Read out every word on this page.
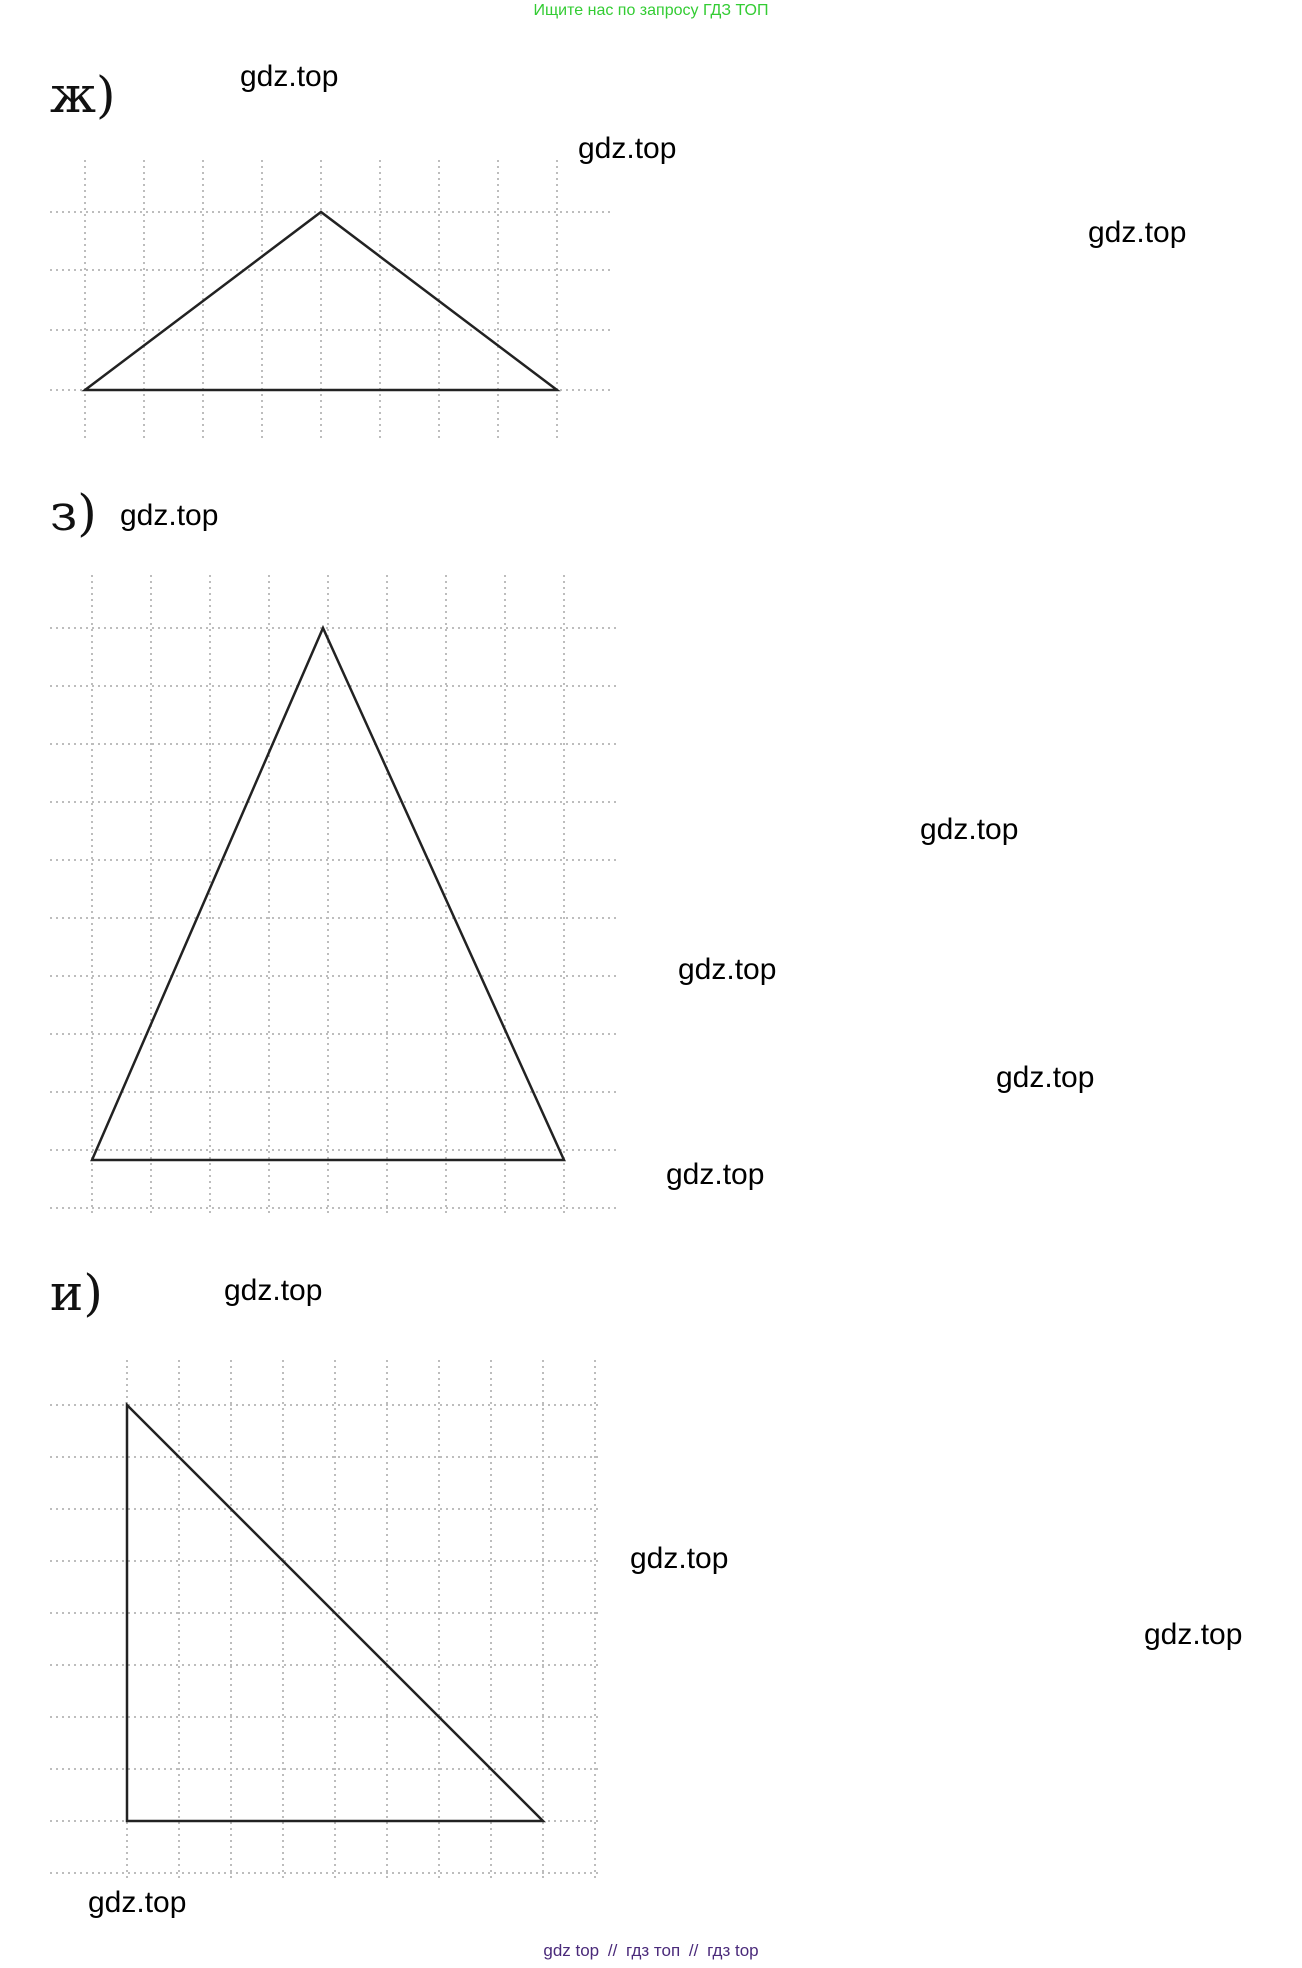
Ищите нас по запросу ГДЗ ТОП
ж)
з)
и)
gdz.top
gdz.top
gdz.top
gdz.top
gdz.top
gdz.top
gdz.top
gdz.top
gdz.top
gdz.top
gdz.top
gdz.top
gdz top // гдз топ // гдз top
